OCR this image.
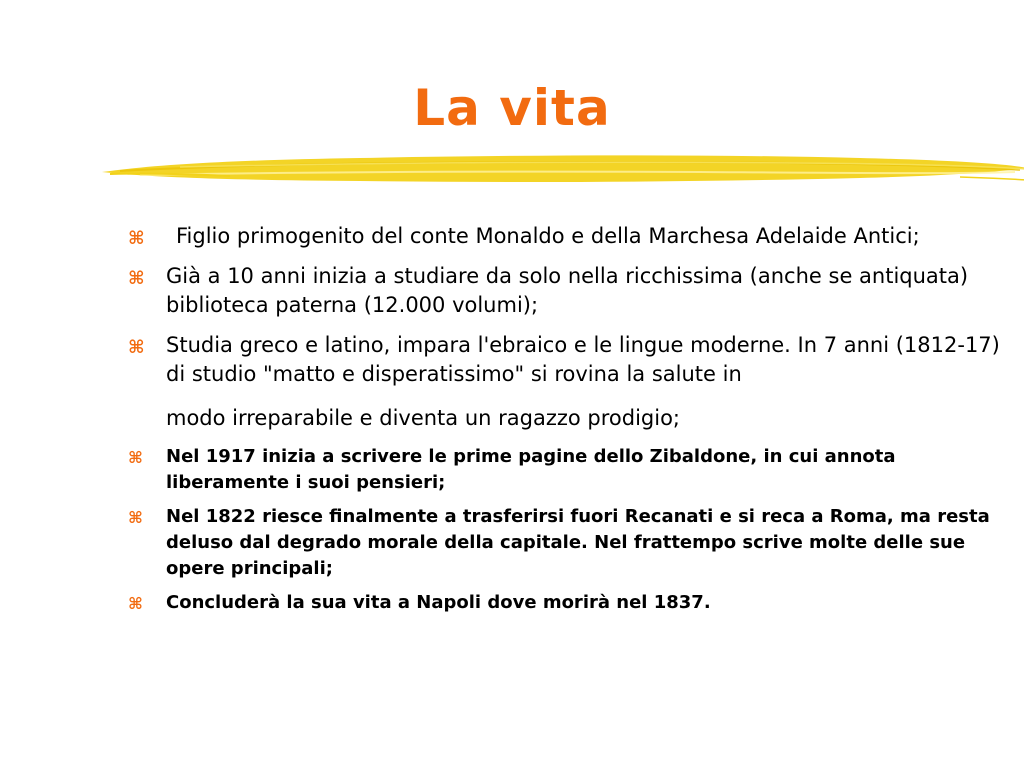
La vita
⌘ Figlio primogenito del conte Monaldo e della Marchesa Adelaide Antici;
⌘ Già a 10 anni inizia a studiare da solo nella ricchissima (anche se antiquata) biblioteca paterna (12.000 volumi);
⌘ Studia greco e latino, impara l'ebraico e le lingue moderne. In 7 anni (1812-17) di studio "matto e disperatissimo" si rovina la salute in
modo irreparabile e diventa un ragazzo prodigio;
⌘ Nel 1917 inizia a scrivere le prime pagine dello Zibaldone, in cui annota liberamente i suoi pensieri;
⌘ Nel 1822 riesce finalmente a trasferirsi fuori Recanati e si reca a Roma, ma resta deluso dal degrado morale della capitale. Nel frattempo scrive molte delle sue opere principali;
⌘ Concluderà la sua vita a Napoli dove morirà nel 1837.
